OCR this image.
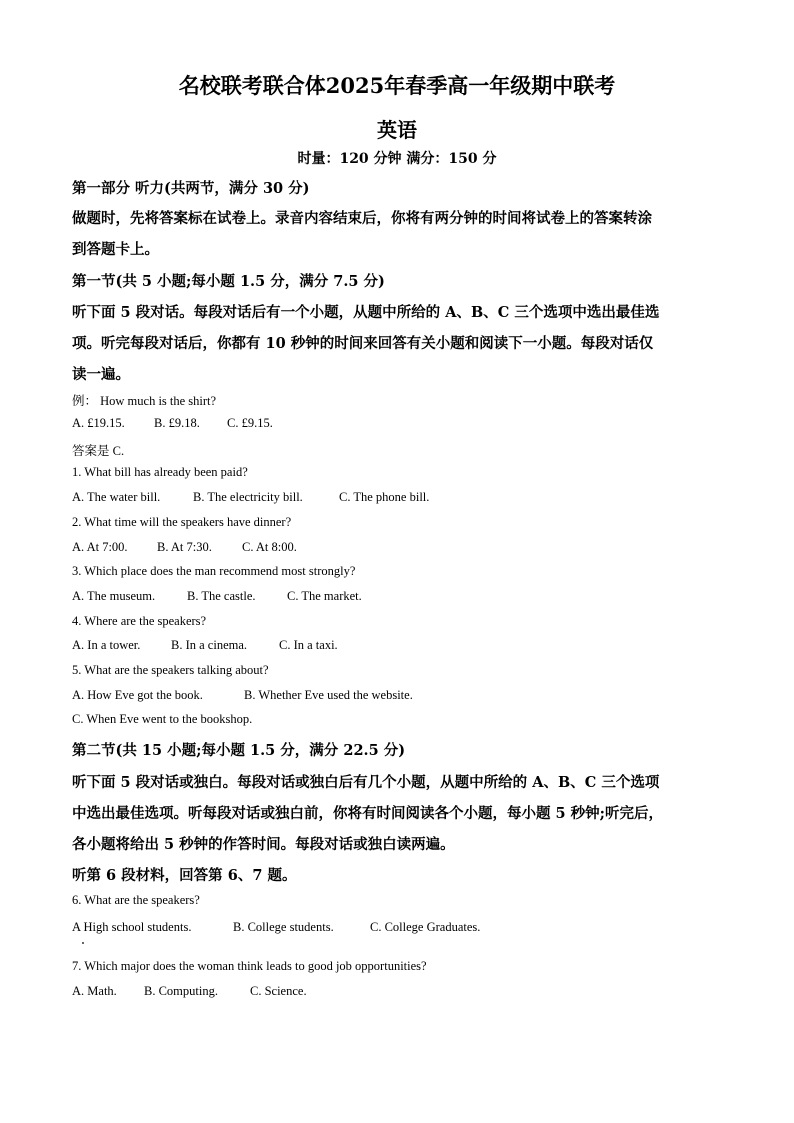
名校联考联合体2025年春季高一年级期中联考
英语
时量：120 分钟 满分：150 分
第一部分 听力(共两节，满分 30 分)
做题时，先将答案标在试卷上。录音内容结束后，你将有两分钟的时间将试卷上的答案转涂
到答题卡上。
第一节(共 5 小题;每小题 1.5 分，满分 7.5 分)
听下面 5 段对话。每段对话后有一个小题，从题中所给的 A、B、C 三个选项中选出最佳选
项。听完每段对话后，你都有 10 秒钟的时间来回答有关小题和阅读下一小题。每段对话仅
读一遍。
例： How much is the shirt?
A. £19.15. B. £9.18. C. £9.15.
答案是 C.
1. What bill has already been paid?
A. The water bill.	B. The electricity bill.	C. The phone bill.
2. What time will the speakers have dinner?
A. At 7:00. B. At 7:30. C. At 8:00.
3. Which place does the man recommend most strongly?
A. The museum.	B. The castle.	C. The market.
4. Where are the speakers?
A. In a tower. B. In a cinema.	C. In a taxi.
5. What are the speakers talking about?
A. How Eve got the book.	B. Whether Eve used the website.
C. When Eve went to the bookshop.
第二节(共 15 小题;每小题 1.5 分，满分 22.5 分)
听下面 5 段对话或独白。每段对话或独白后有几个小题，从题中所给的 A、B、C 三个选项
中选出最佳选项。听每段对话或独白前，你将有时间阅读各个小题，每小题 5 秒钟;听完后，
各小题将给出 5 秒钟的作答时间。每段对话或独白读两遍。
听第 6 段材料，回答第 6、7 题。
6. What are the speakers?
A High school students.	B. College students.	C. College Graduates.
7. Which major does the woman think leads to good job opportunities?
A. Math. B. Computing.	C. Science.
